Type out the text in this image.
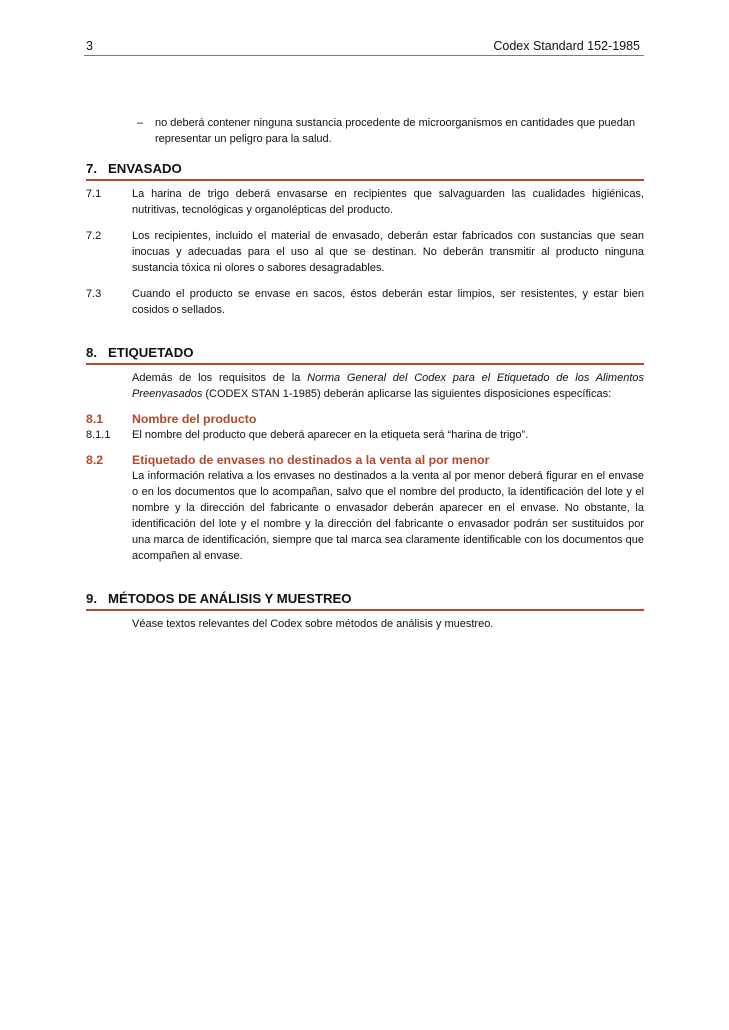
3	Codex Standard 152-1985
– no deberá contener ninguna sustancia procedente de microorganismos en cantidades que puedan representar un peligro para la salud.
7. ENVASADO
7.1	La harina de trigo deberá envasarse en recipientes que salvaguarden las cualidades higiénicas, nutritivas, tecnológicas y organolépticas del producto.
7.2	Los recipientes, incluido el material de envasado, deberán estar fabricados con sustancias que sean inocuas y adecuadas para el uso al que se destinan. No deberán transmitir al producto ninguna sustancia tóxica ni olores o sabores desagradables.
7.3	Cuando el producto se envase en sacos, éstos deberán estar limpios, ser resistentes, y estar bien cosidos o sellados.
8. ETIQUETADO
Además de los requisitos de la Norma General del Codex para el Etiquetado de los Alimentos Preenvasados (CODEX STAN 1-1985) deberán aplicarse las siguientes disposiciones específicas:
8.1 Nombre del producto
8.1.1 El nombre del producto que deberá aparecer en la etiqueta será “harina de trigo”.
8.2 Etiquetado de envases no destinados a la venta al por menor
La información relativa a los envases no destinados a la venta al por menor deberá figurar en el envase o en los documentos que lo acompañan, salvo que el nombre del producto, la identificación del lote y el nombre y la dirección del fabricante o envasador deberán aparecer en el envase. No obstante, la identificación del lote y el nombre y la dirección del fabricante o envasador podrán ser sustituidos por una marca de identificación, siempre que tal marca sea claramente identificable con los documentos que acompañen al envase.
9. MÉTODOS DE ANÁLISIS Y MUESTREO
Véase textos relevantes del Codex sobre métodos de análisis y muestreo.
